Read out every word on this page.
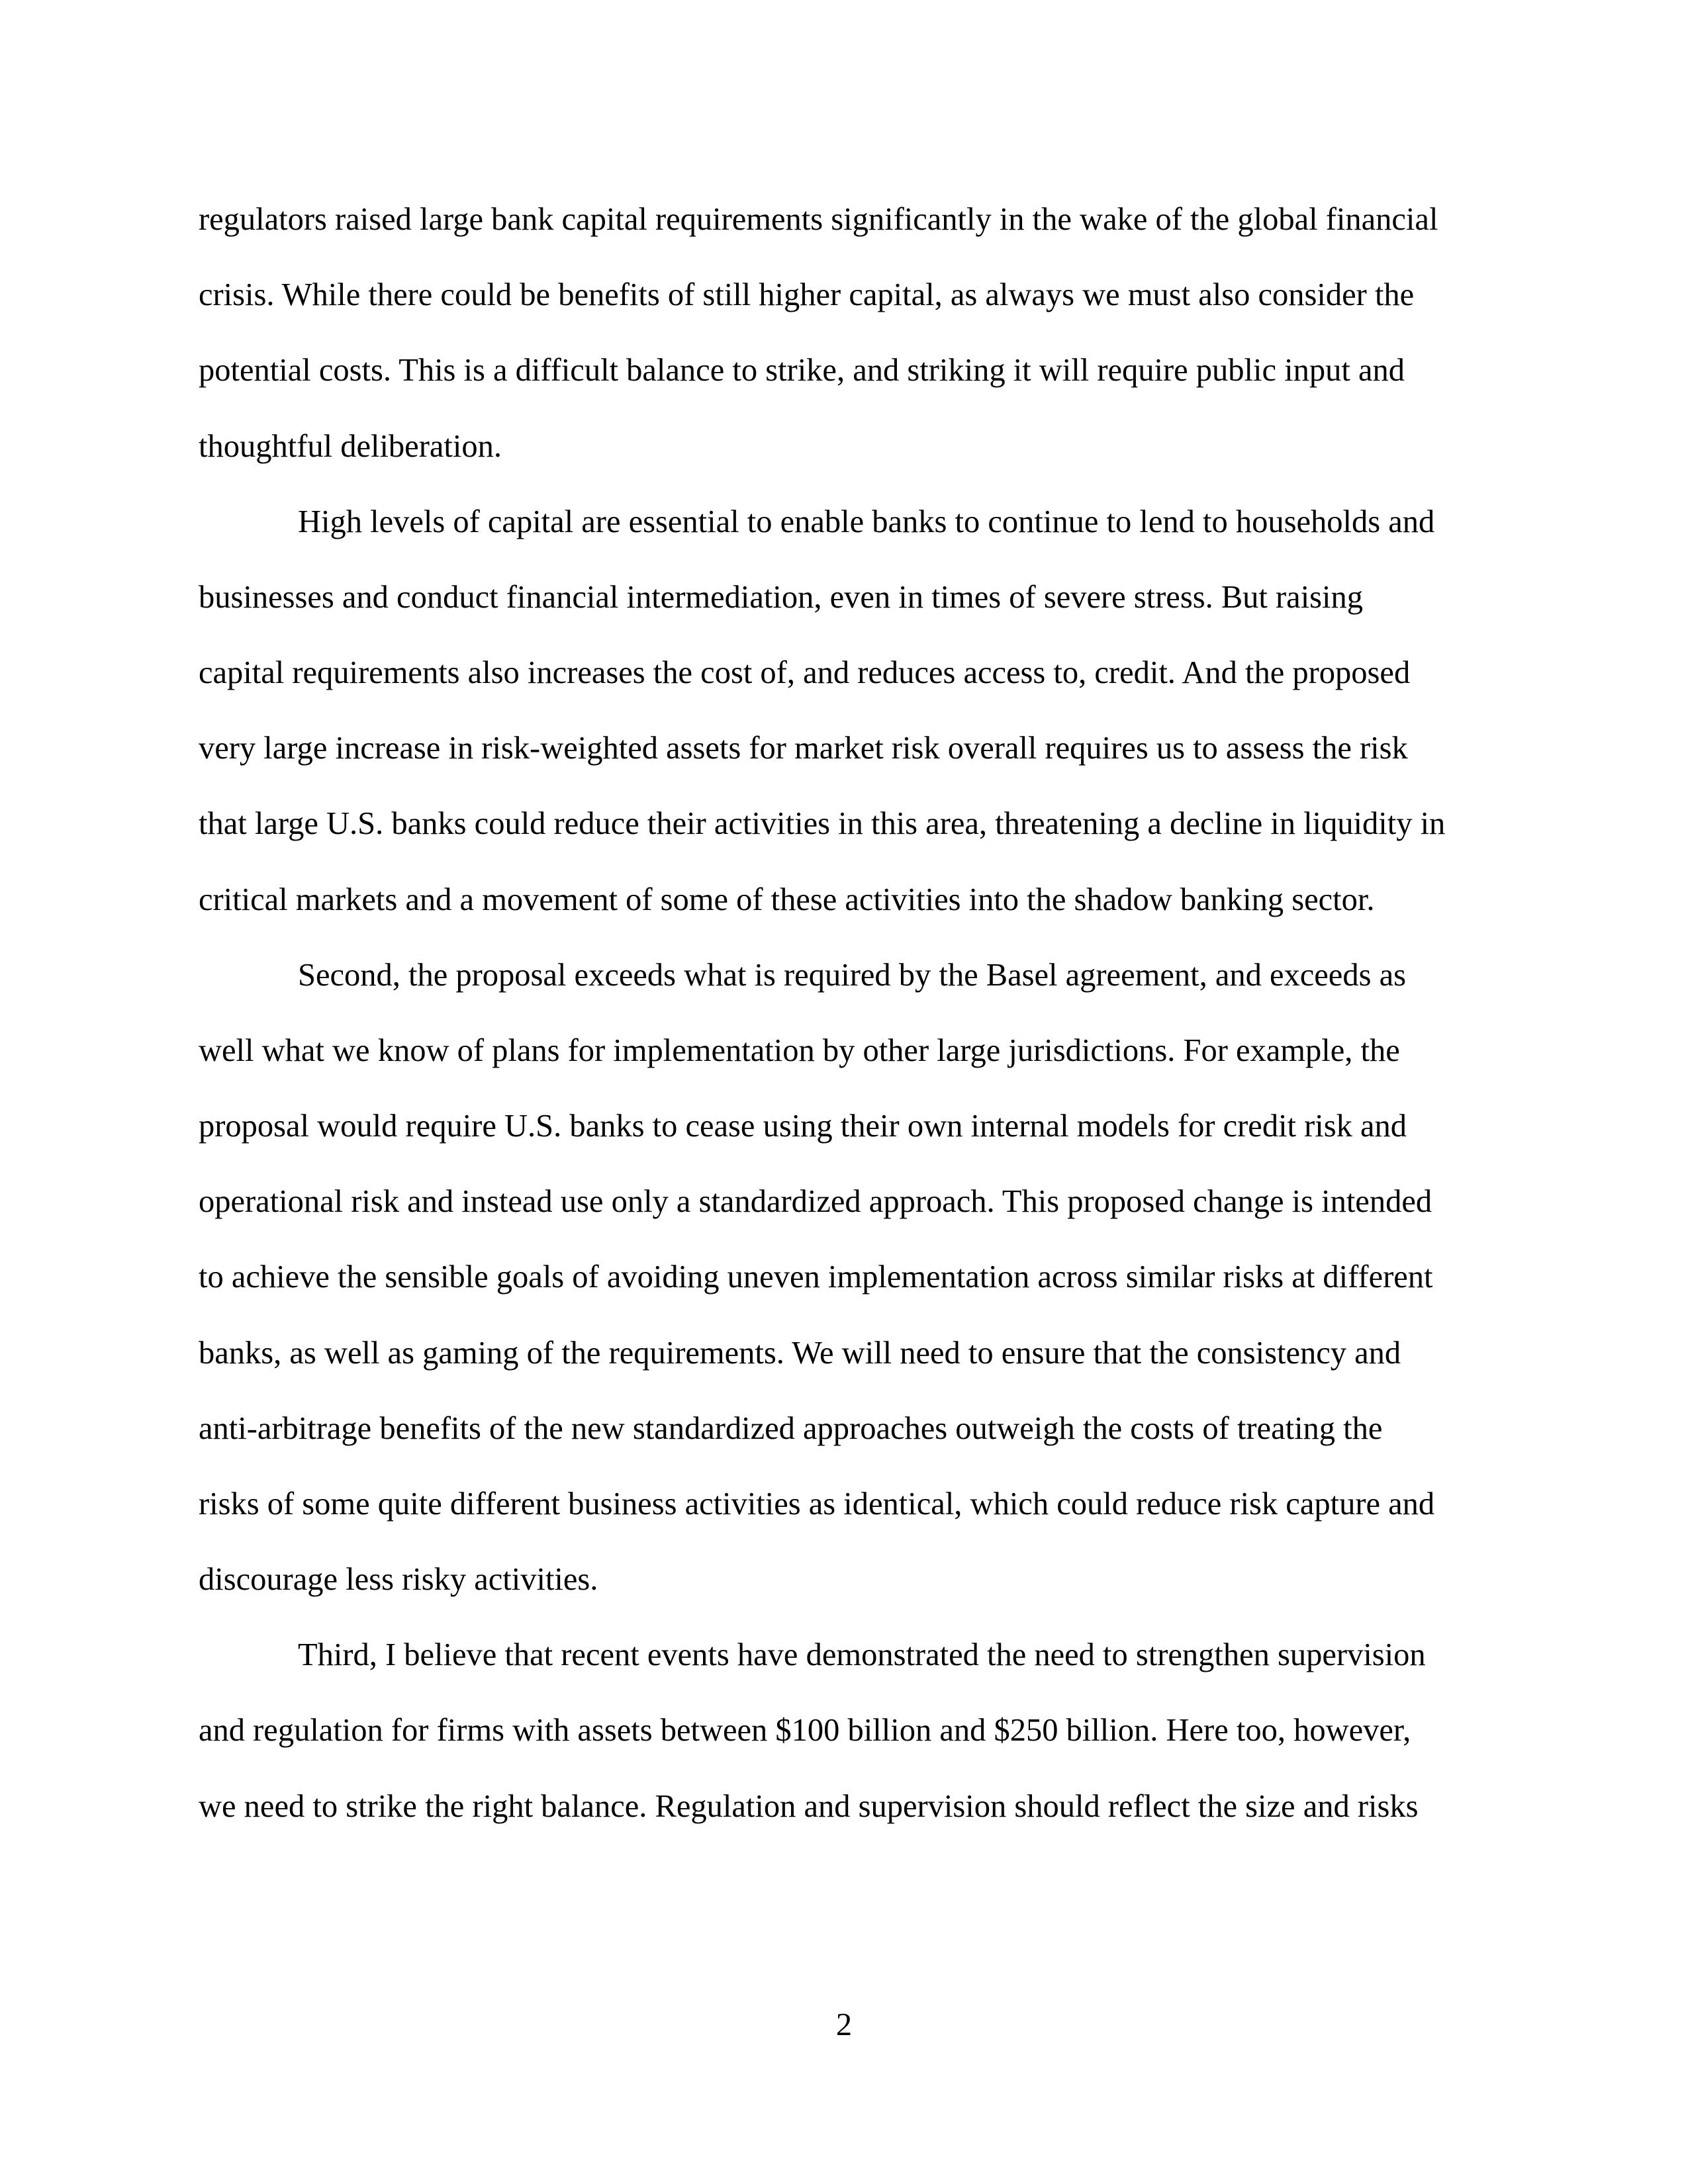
regulators raised large bank capital requirements significantly in the wake of the global financial
crisis. While there could be benefits of still higher capital, as always we must also consider the
potential costs. This is a difficult balance to strike, and striking it will require public input and
thoughtful deliberation.
High levels of capital are essential to enable banks to continue to lend to households and
businesses and conduct financial intermediation, even in times of severe stress. But raising
capital requirements also increases the cost of, and reduces access to, credit. And the proposed
very large increase in risk-weighted assets for market risk overall requires us to assess the risk
that large U.S. banks could reduce their activities in this area, threatening a decline in liquidity in
critical markets and a movement of some of these activities into the shadow banking sector.
Second, the proposal exceeds what is required by the Basel agreement, and exceeds as
well what we know of plans for implementation by other large jurisdictions. For example, the
proposal would require U.S. banks to cease using their own internal models for credit risk and
operational risk and instead use only a standardized approach. This proposed change is intended
to achieve the sensible goals of avoiding uneven implementation across similar risks at different
banks, as well as gaming of the requirements. We will need to ensure that the consistency and
anti-arbitrage benefits of the new standardized approaches outweigh the costs of treating the
risks of some quite different business activities as identical, which could reduce risk capture and
discourage less risky activities.
Third, I believe that recent events have demonstrated the need to strengthen supervision
and regulation for firms with assets between $100 billion and $250 billion. Here too, however,
we need to strike the right balance. Regulation and supervision should reflect the size and risks
2
